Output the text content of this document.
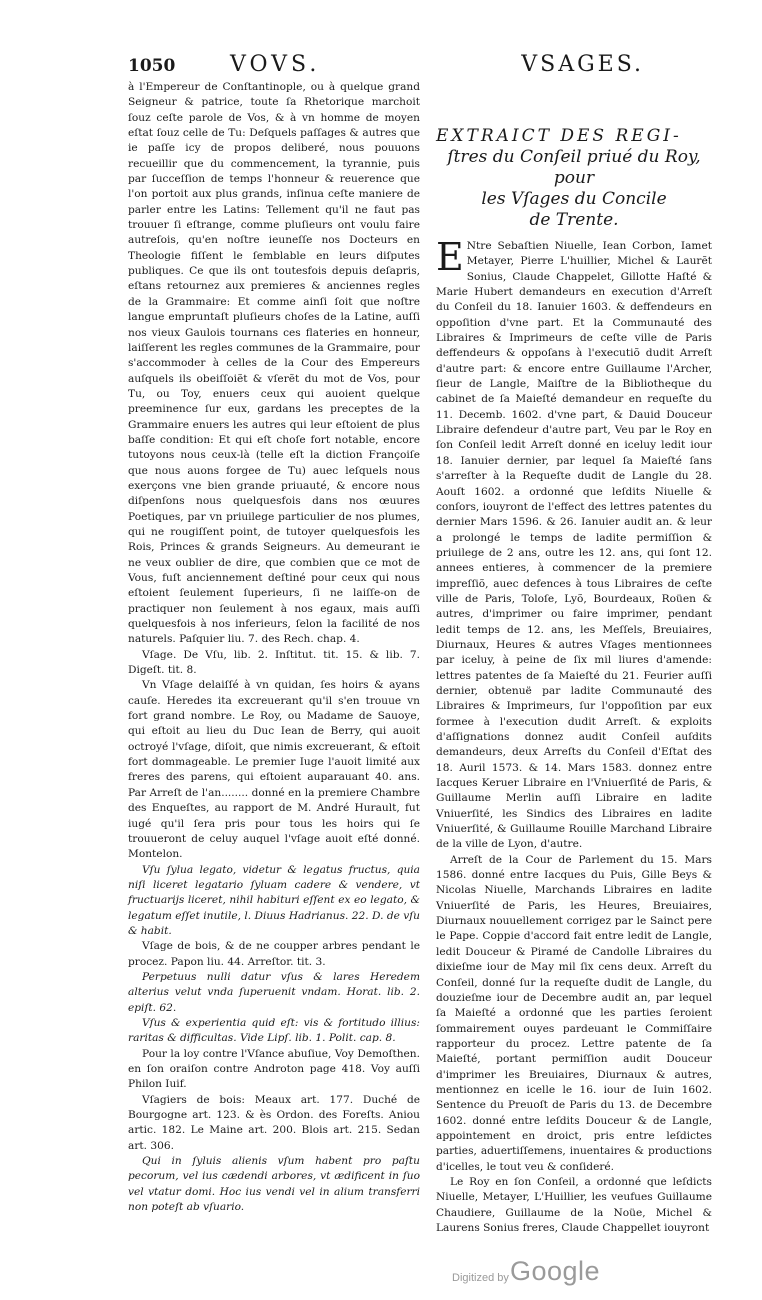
1050 VOVS.	VSAGES.

à l'Empereur de Conſtantinople, ou à quelque grand Seigneur & patrice, toute ſa Rhetorique marchoit ſouz ceſte parole de Vos, & à vn homme de moyen eſtat ſouz celle de Tu: Deſquels paſſages & autres que ie paſſe icy de propos deliberé, nous pouuons recueillir que du commencement, la tyrannie, puis par ſucceſſion de temps l'honneur & reuerence que l'on portoit aux plus grands, inſinua ceſte maniere de parler entre les Latins: Tellement qu'il ne faut pas trouuer ſi eſtrange, comme pluſieurs ont voulu faire autreſois, qu'en noſtre ieuneſſe nos Docteurs en Theologie fiſſent le ſemblable en leurs diſputes publiques. Ce que ils ont toutesfois depuis deſapris, eſtans retournez aux premieres & anciennes regles de la Grammaire: Et comme ainſi ſoit que noſtre langue empruntaſt pluſieurs choſes de la Latine, auſſi nos vieux Gaulois tournans ces flateries en honneur, laiſſerent les regles communes de la Grammaire, pour s'accommoder à celles de la Cour des Empereurs auſquels ils obeiſſoiẽt & vſerẽt du mot de Vos, pour Tu, ou Toy, enuers ceux qui auoient quelque preeminence ſur eux, gardans les preceptes de la Grammaire enuers les autres qui leur eſtoient de plus baſſe condition: Et qui eſt choſe fort notable, encore tutoyons nous ceux-là (telle eſt la diction Françoiſe que nous auons forgee de Tu) auec leſquels nous exerçons vne bien grande priuauté, & encore nous diſpenſons nous quelquesfois dans nos œuures Poetiques, par vn priuilege particulier de nos plumes, qui ne rougiſſent point, de tutoyer quelquesfois les Rois, Princes & grands Seigneurs. Au demeurant ie ne veux oublier de dire, que combien que ce mot de Vous, fuſt anciennement deſtiné pour ceux qui nous eſtoient ſeulement ſuperieurs, ſi ne laiſſe-on de practiquer non ſeulement à nos egaux, mais auſſi quelquesfois à nos inferieurs, ſelon la facilité de nos naturels. Paſquier liu. 7. des Rech. chap. 4.

Vſage. De Vſu, lib. 2. Inſtitut. tit. 15. & lib. 7. Digeſt. tit. 8.

Vn Vſage delaiſſé à vn quidan, ſes hoirs & ayans cauſe. Heredes ita excreuerant qu'il s'en trouue vn fort grand nombre. Le Roy, ou Madame de Sauoye, qui eſtoit au lieu du Duc Iean de Berry, qui auoit octroyé l'vſage, diſoit, que nimis excreuerant, & eſtoit fort dommageable. Le premier Iuge l'auoit limité aux freres des parens, qui eſtoient auparauant 40. ans. Par Arreſt de l'an........ donné en la premiere Chambre des Enqueſtes, au rapport de M. André Hurault, fut iugé qu'il ſera pris pour tous les hoirs qui ſe trouueront de celuy auquel l'vſage auoit eſté donné. Montelon.

Vſu ſylua legato, videtur & legatus fructus, quia niſi liceret legatario ſyluam cadere & vendere, vt fructuarijs liceret, nihil habituri eſſent ex eo legato, & legatum eſſet inutile, l. Diuus Hadrianus. 22. D. de vſu & habit.

Vſage de bois, & de ne coupper arbres pendant le procez. Papon liu. 44. Arreſtor. tit. 3.

Perpetuus nulli datur vſus & lares Heredem alterius velut vnda ſuperuenit vndam. Horat. lib. 2. epiſt. 62.

Vſus & experientia quid eſt: vis & fortitudo illius: raritas & difficultas. Vide Lipſ. lib. 1. Polit. cap. 8.

Pour la loy contre l'Vſance abuſiue, Voy Demoſthen. en ſon oraiſon contre Androton page 418. Voy auſſi Philon Iuif.

Vſagiers de bois: Meaux art. 177. Duché de Bourgogne art. 123. & ès Ordon. des Foreſts. Aniou artic. 182. Le Maine art. 200. Blois art. 215. Sedan art. 306.

Qui in ſyluis alienis vſum habent pro paſtu pecorum, vel ius cædendi arbores, vt ædificent in ſuo vel vtatur domi. Hoc ius vendi vel in alium transferri non poteſt ab vſuario.

EXTRAICT DES REGI-
ſtres du Conſeil priué du Roy, pour
les Vſages du Concile
de Trente.

E Ntre Sebaſtien Niuelle, Iean Corbon, Iamet Metayer, Pierre L'huillier, Michel & Laurẽt Sonius, Claude Chappelet, Gillotte Haſté & Marie Hubert demandeurs en execution d'Arreſt du Conſeil du 18. Ianuier 1603. & deffendeurs en oppoſition d'vne part. Et la Communauté des Libraires & Imprimeurs de ceſte ville de Paris deffendeurs & oppoſans à l'executiõ dudit Arreſt d'autre part: & encore entre Guillaume l'Archer, ſieur de Langle, Maiſtre de la Bibliotheque du cabinet de ſa Maieſté demandeur en requeſte du 11. Decemb. 1602. d'vne part, & Dauid Douceur Libraire defendeur d'autre part, Veu par le Roy en ſon Conſeil ledit Arreſt donné en iceluy ledit iour 18. Ianuier dernier, par lequel ſa Maieſté ſans s'arreſter à la Requeſte dudit de Langle du 28. Aouſt 1602. a ordonné que leſdits Niuelle & conſors, iouyront de l'effect des lettres patentes du dernier Mars 1596. & 26. Ianuier audit an. & leur a prolongé le temps de ladite permiſſion & priuilege de 2 ans, outre les 12. ans, qui ſont 12. annees entieres, à commencer de la premiere impreſſiõ, auec defences à tous Libraires de ceſte ville de Paris, Toloſe, Lyõ, Bourdeaux, Roüen & autres, d'imprimer ou faire imprimer, pendant ledit temps de 12. ans, les Meſſels, Breuiaires, Diurnaux, Heures & autres Vſages mentionnees par iceluy, à peine de ſix mil liures d'amende: lettres patentes de ſa Maieſté du 21. Feurier auſſi dernier, obtenuë par ladite Communauté des Libraires & Imprimeurs, ſur l'oppoſition par eux formee à l'execution dudit Arreſt. & exploits d'aſſignations donnez audit Conſeil auſdits demandeurs, deux Arreſts du Conſeil d'Eſtat des 18. Auril 1573. & 14. Mars 1583. donnez entre Iacques Keruer Libraire en l'Vniuerſité de Paris, & Guillaume Merlin auſſi Libraire en ladite Vniuerſité, les Sindics des Libraires en ladite Vniuerſité, & Guillaume Rouille Marchand Libraire de la ville de Lyon, d'autre.

Arreſt de la Cour de Parlement du 15. Mars 1586. donné entre Iacques du Puis, Gille Beys & Nicolas Niuelle, Marchands Libraires en ladite Vniuerſité de Paris, les Heures, Breuiaires, Diurnaux nouuellement corrigez par le Sainct pere le Pape. Coppie d'accord fait entre ledit de Langle, ledit Douceur & Piramé de Candolle Libraires du dixieſme iour de May mil ſix cens deux. Arreſt du Conſeil, donné ſur la requeſte dudit de Langle, du douzieſme iour de Decembre audit an, par lequel ſa Maieſté a ordonné que les parties ſeroient ſommairement ouyes pardeuant le Commiſſaire rapporteur du procez. Lettre patente de ſa Maieſté, portant permiſſion audit Douceur d'imprimer les Breuiaires, Diurnaux & autres, mentionnez en icelle le 16. iour de Iuin 1602. Sentence du Preuoſt de Paris du 13. de Decembre 1602. donné entre leſdits Douceur & de Langle, appointement en droict, pris entre leſdictes parties, aduertiſſemens, inuentaires & productions d'icelles, le tout veu & conſideré.

Le Roy en ſon Conſeil, a ordonné que leſdicts Niuelle, Metayer, L'Huillier, les veufues Guillaume Chaudiere, Guillaume de la Noüe, Michel & Laurens Sonius freres, Claude Chappellet iouyront

Digitized by Google
